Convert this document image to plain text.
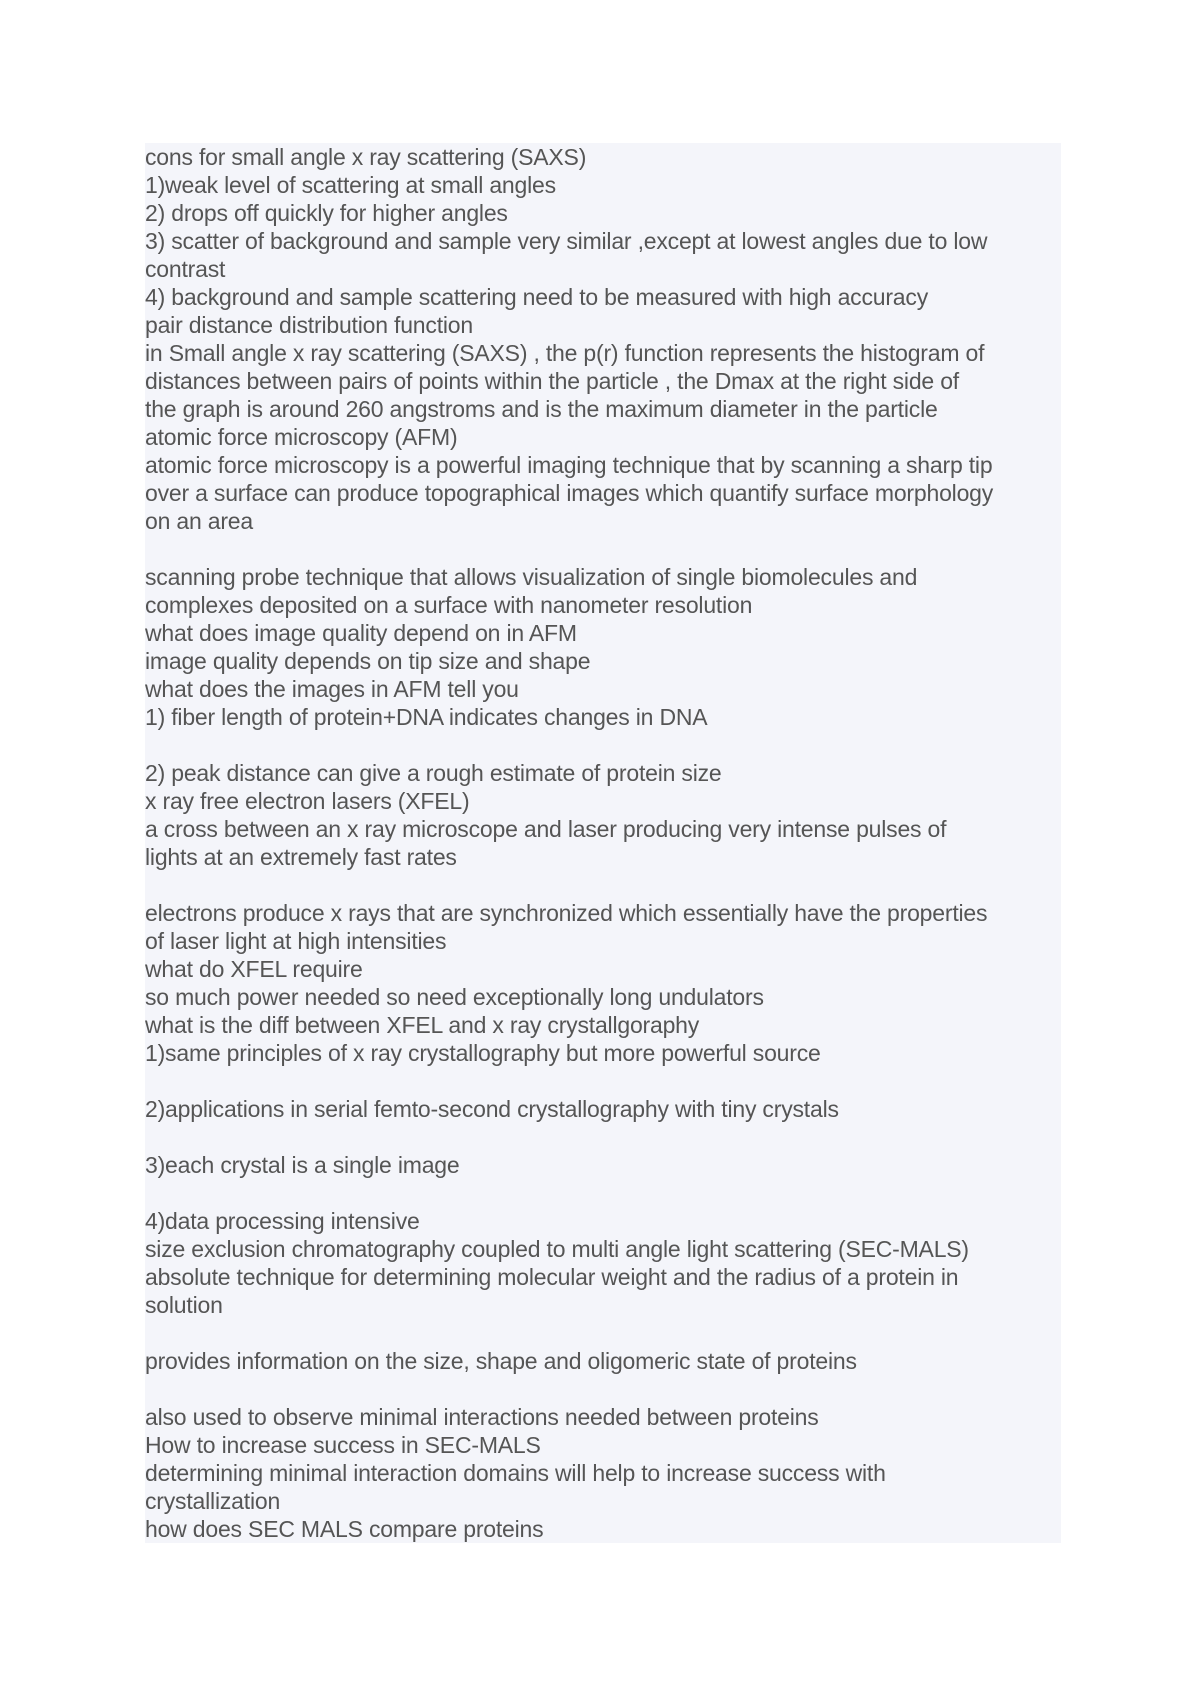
cons for small angle x ray scattering (SAXS)
1)weak level of scattering at small angles
2) drops off quickly for higher angles
3) scatter of background and sample very similar ,except at lowest angles due to low
contrast
4) background and sample scattering need to be measured with high accuracy
pair distance distribution function
in Small angle x ray scattering (SAXS) , the p(r) function represents the histogram of
distances between pairs of points within the particle , the Dmax at the right side of
the graph is around 260 angstroms and is the maximum diameter in the particle
atomic force microscopy (AFM)
atomic force microscopy is a powerful imaging technique that by scanning a sharp tip
over a surface can produce topographical images which quantify surface morphology
on an area
scanning probe technique that allows visualization of single biomolecules and
complexes deposited on a surface with nanometer resolution
what does image quality depend on in AFM
image quality depends on tip size and shape
what does the images in AFM tell you
1) fiber length of protein+DNA indicates changes in DNA
2) peak distance can give a rough estimate of protein size
x ray free electron lasers (XFEL)
a cross between an x ray microscope and laser producing very intense pulses of
lights at an extremely fast rates
electrons produce x rays that are synchronized which essentially have the properties
of laser light at high intensities
what do XFEL require
so much power needed so need exceptionally long undulators
what is the diff between XFEL and x ray crystallgoraphy
1)same principles of x ray crystallography but more powerful source
2)applications in serial femto-second crystallography with tiny crystals
3)each crystal is a single image
4)data processing intensive
size exclusion chromatography coupled to multi angle light scattering (SEC-MALS)
absolute technique for determining molecular weight and the radius of a protein in
solution
provides information on the size, shape and oligomeric state of proteins
also used to observe minimal interactions needed between proteins
How to increase success in SEC-MALS
determining minimal interaction domains will help to increase success with
crystallization
how does SEC MALS compare proteins
